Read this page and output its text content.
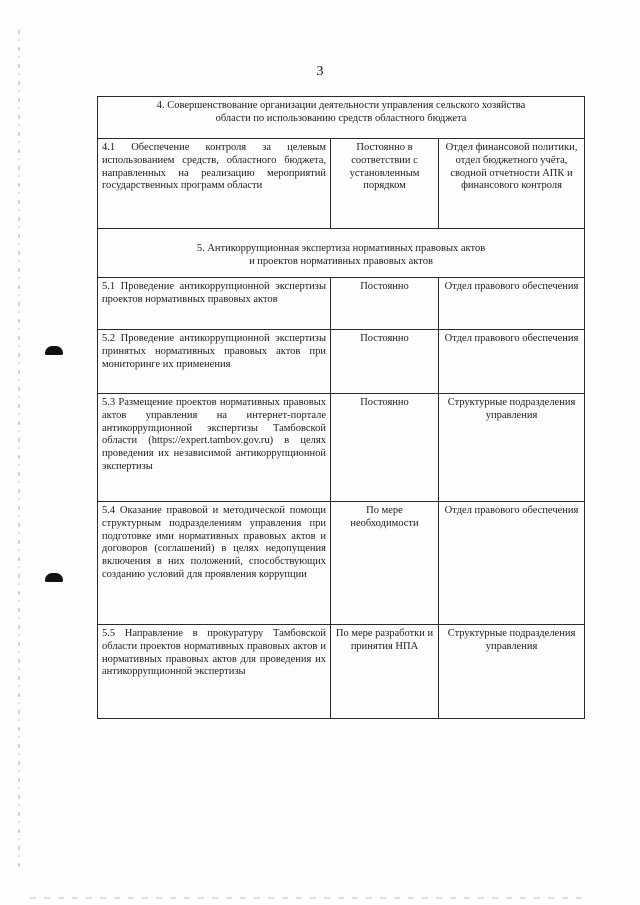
3
4. Совершенствование организации деятельности управления сельского хозяйства
области по использованию средств областного бюджета		
4.1 Обеспечение контроля за целевым использованием средств, областного бюджета, направленных на реализацию мероприятий государственных программ области	Постоянно в соответствии с установленным порядком	Отдел финансовой политики, отдел бюджетного учёта, сводной отчетности АПК и финансового контроля
5. Антикоррупционная экспертиза нормативных правовых актов
и проектов нормативных правовых актов		
5.1 Проведение антикоррупционной экспертизы проектов нормативных правовых актов	Постоянно	Отдел правового обеспечения
5.2 Проведение антикоррупционной экспертизы принятых нормативных правовых актов при мониторинге их применения	Постоянно	Отдел правового обеспечения
5.3 Размещение проектов нормативных правовых актов управления на интернет-портале антикоррупционной экспертизы Тамбовской области (https://expert.tambov.gov.ru) в целях проведения их независимой антикоррупционной экспертизы	Постоянно	Структурные подразделения управления
5.4 Оказание правовой и методической помощи структурным подразделениям управления при подготовке ими нормативных правовых актов и договоров (соглашений) в целях недопущения включения в них положений, способствующих созданию условий для проявления коррупции	По мере необходимости	Отдел правового обеспечения
5.5 Направление в прокуратуру Тамбовской области проектов нормативных правовых актов и нормативных правовых актов для проведения их антикоррупционной экспертизы	По мере разработки и принятия НПА	Структурные подразделения управления
